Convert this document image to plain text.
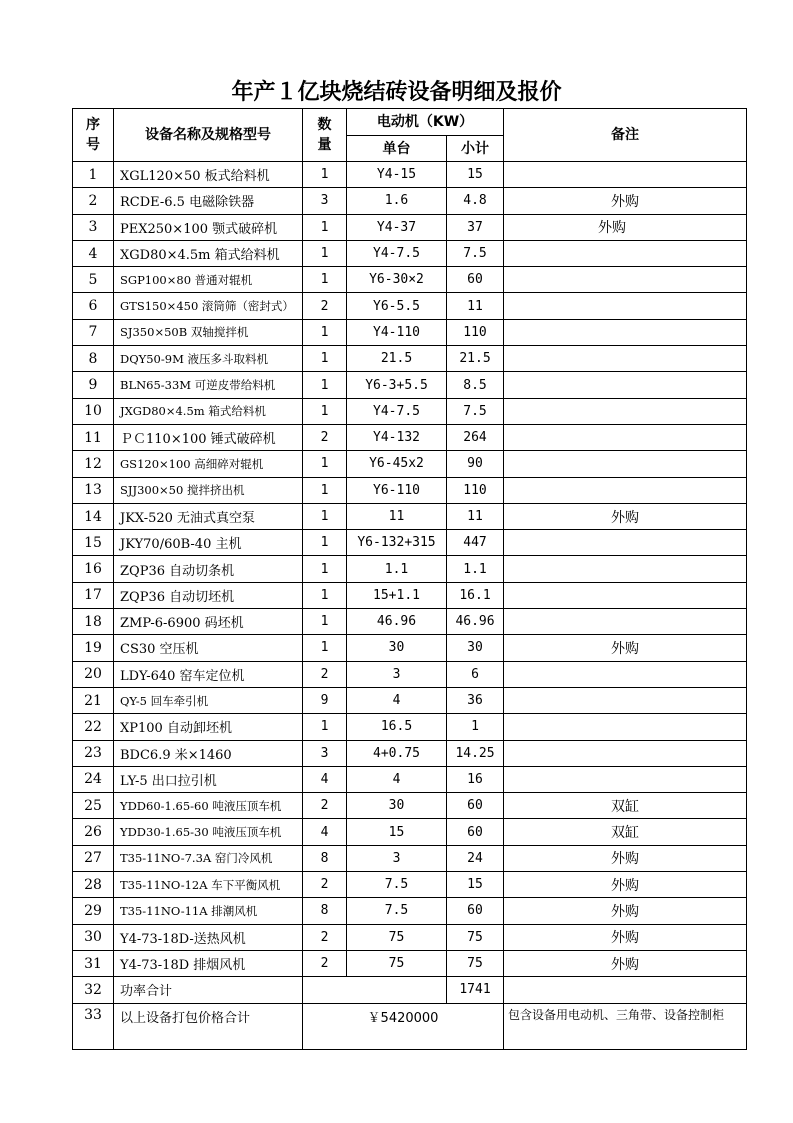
年产１亿块烧结砖设备明细及报价
序号	设备名称及规格型号	数量	电动机（KW）		备注
			单台	小计	
1	XGL120×50 板式给料机	1	Y4-15	15	
2	RCDE-6.5 电磁除铁器	3	1.6	4.8	外购
3	PEX250×100 颚式破碎机	1	Y4-37	37	外购
4	XGD80×4.5m 箱式给料机	1	Y4-7.5	7.5	
5	SGP100×80 普通对辊机	1	Y6-30×2	60	
6	GTS150×450 滚筒筛（密封式）	2	Y6-5.5	11	
7	SJ350×50B 双轴搅拌机	1	Y4-110	110	
8	DQY50-9M 液压多斗取料机	1	21.5	21.5	
9	BLN65-33M 可逆皮带给料机	1	Y6-3+5.5	8.5	
10	JXGD80×4.5m 箱式给料机	1	Y4-7.5	7.5	
11	ＰＣ110×100 锤式破碎机	2	Y4-132	264	
12	GS120×100 高细碎对辊机	1	Y6-45x2	90	
13	SJJ300×50 搅拌挤出机	1	Y6-110	110	
14	JKX-520 无油式真空泵	1	11	11	外购
15	JKY70/60B-40 主机	1	Y6-132+315	447	
16	ZQP36 自动切条机	1	1.1	1.1	
17	ZQP36 自动切坯机	1	15+1.1	16.1	
18	ZMP-6-6900 码坯机	1	46.96	46.96	
19	CS30 空压机	1	30	30	外购
20	LDY-640 窑车定位机	2	3	6	
21	QY-5 回车牵引机	9	4	36	
22	XP100 自动卸坯机	1	16.5	1	
23	BDC6.9 米×1460	3	4+0.75	14.25	
24	LY-5 出口拉引机	4	4	16	
25	YDD60-1.65-60 吨液压顶车机	2	30	60	双缸
26	YDD30-1.65-30 吨液压顶车机	4	15	60	双缸
27	T35-11NO-7.3A 窑门冷风机	8	3	24	外购
28	T35-11NO-12A 车下平衡风机	2	7.5	15	外购
29	T35-11NO-11A 排潮风机	8	7.5	60	外购
30	Y4-73-18D-送热风机	2	75	75	外购
31	Y4-73-18D 排烟风机	2	75	75	外购
32	功率合计			1741	
33	以上设备打包价格合计	￥5420000			包含设备用电动机、三角带、设备控制柜
